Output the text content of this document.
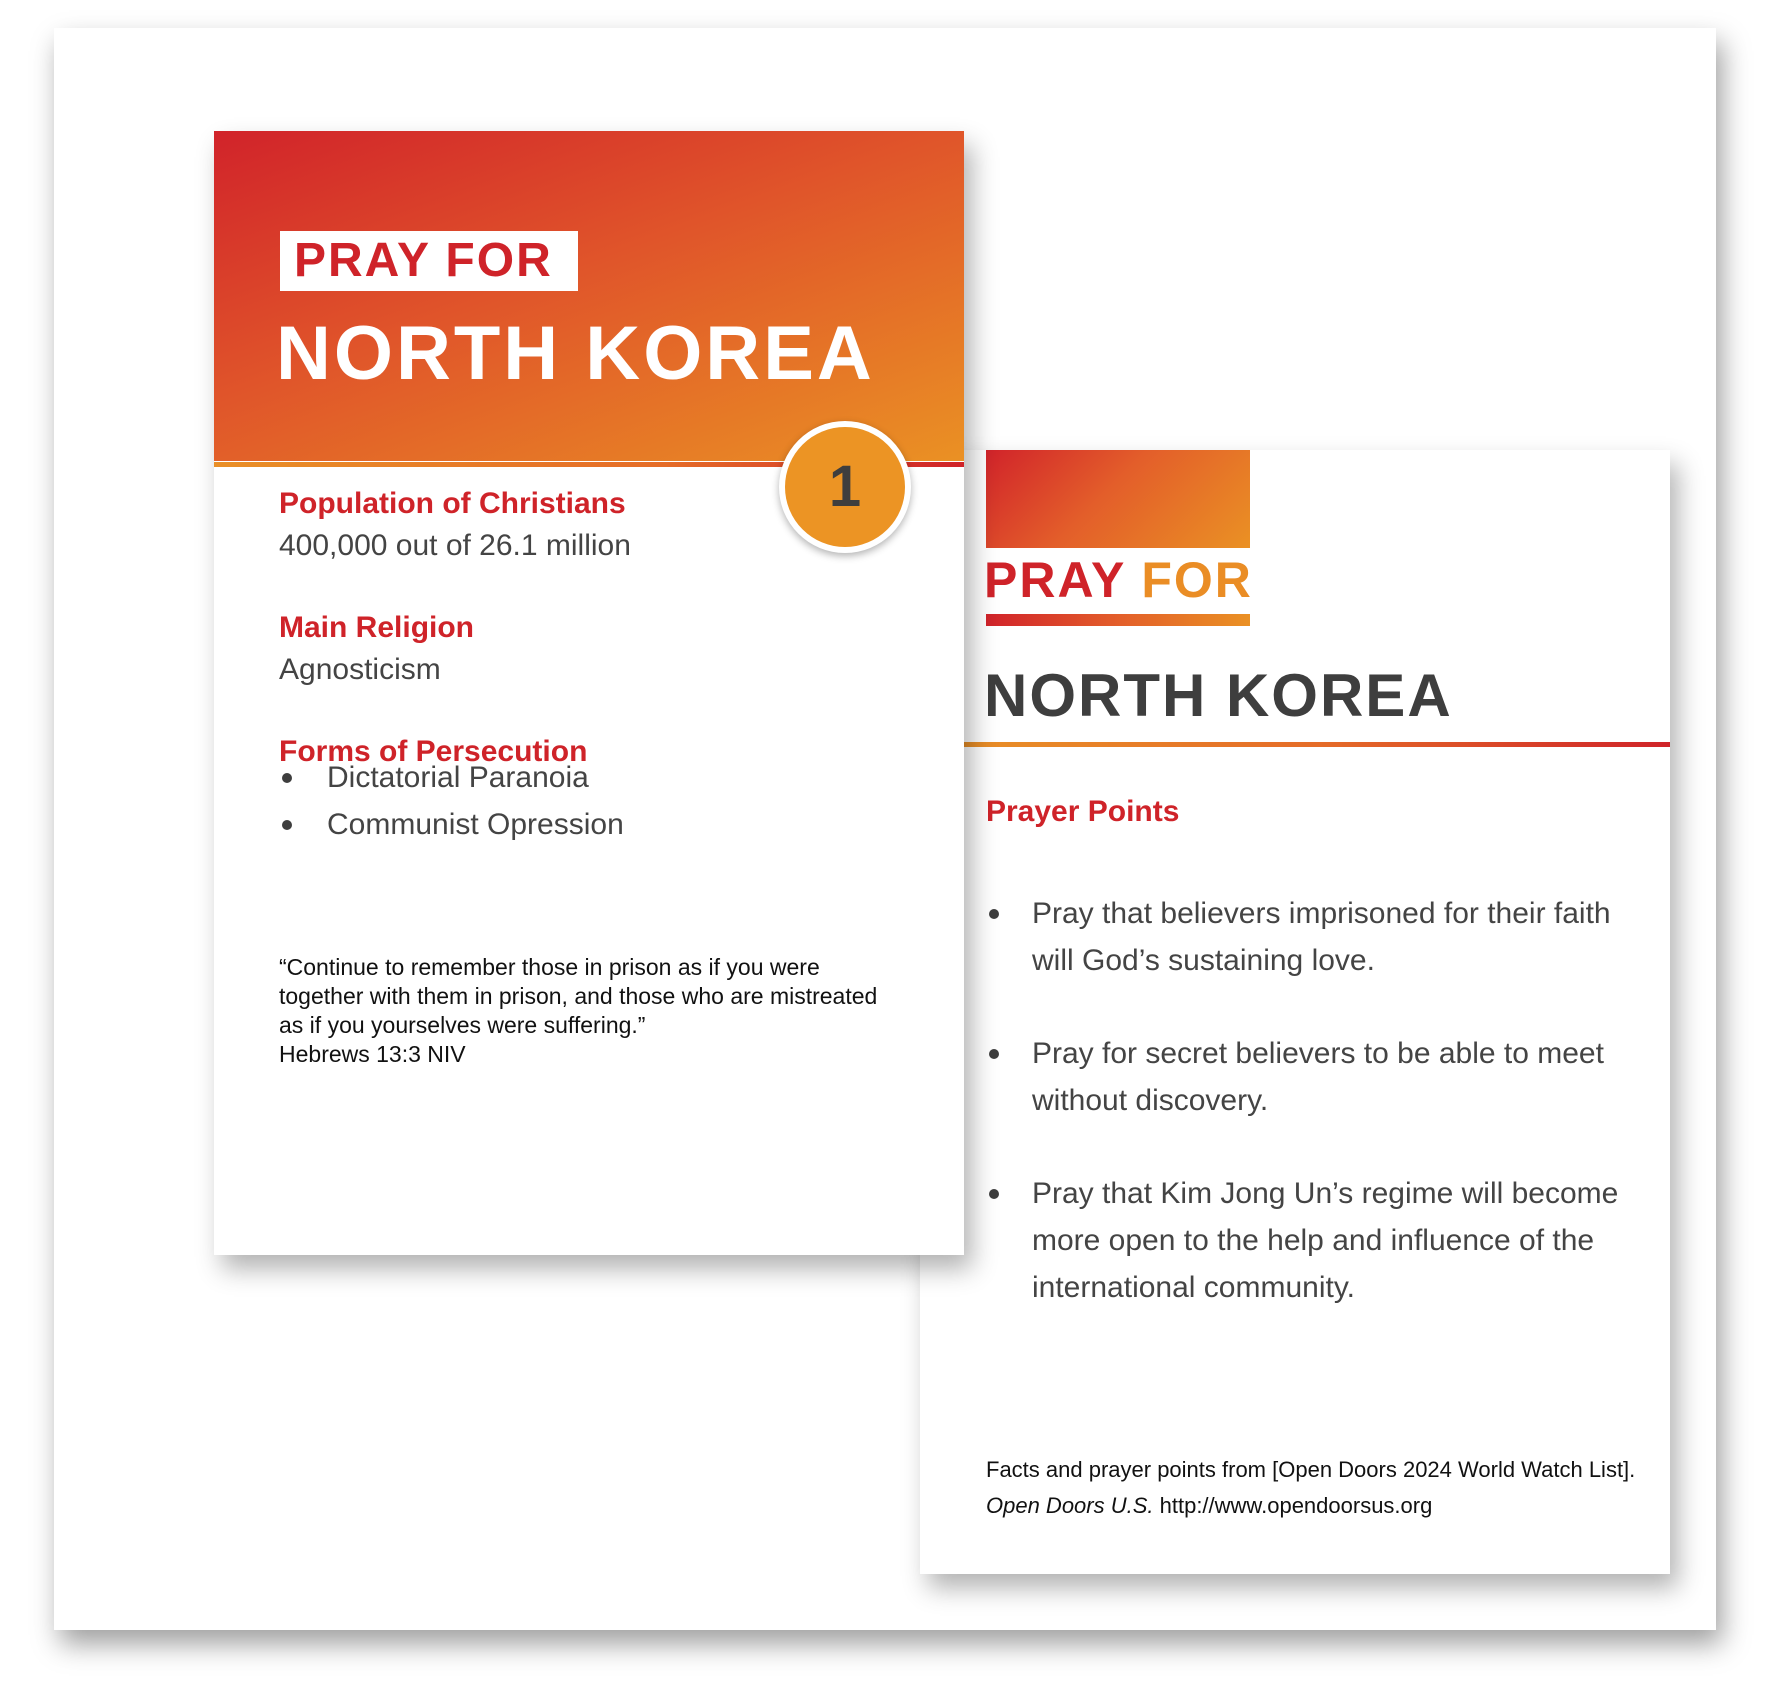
PRAY FOR
NORTH KOREA
1
Population of Christians
400,000 out of 26.1 million
Main Religion
Agnosticism
Forms of Persecution
Dictatorial Paranoia
Communist Opression

“Continue to remember those in prison as if you were together with them in prison, and those who are mistreated as if you yourselves were suffering.”

Hebrews 13:3 NIV
PRAY FOR
NORTH KOREA
Prayer Points
Pray that believers imprisoned for their faith will God’s sustaining love.
Pray for secret believers to be able to meet without discovery.
Pray that Kim Jong Un’s regime will become more open to the help and influence of the international community.

Facts and prayer points from [Open Doors 2024 World Watch List]. Open Doors U.S. http://www.opendoorsus.org
